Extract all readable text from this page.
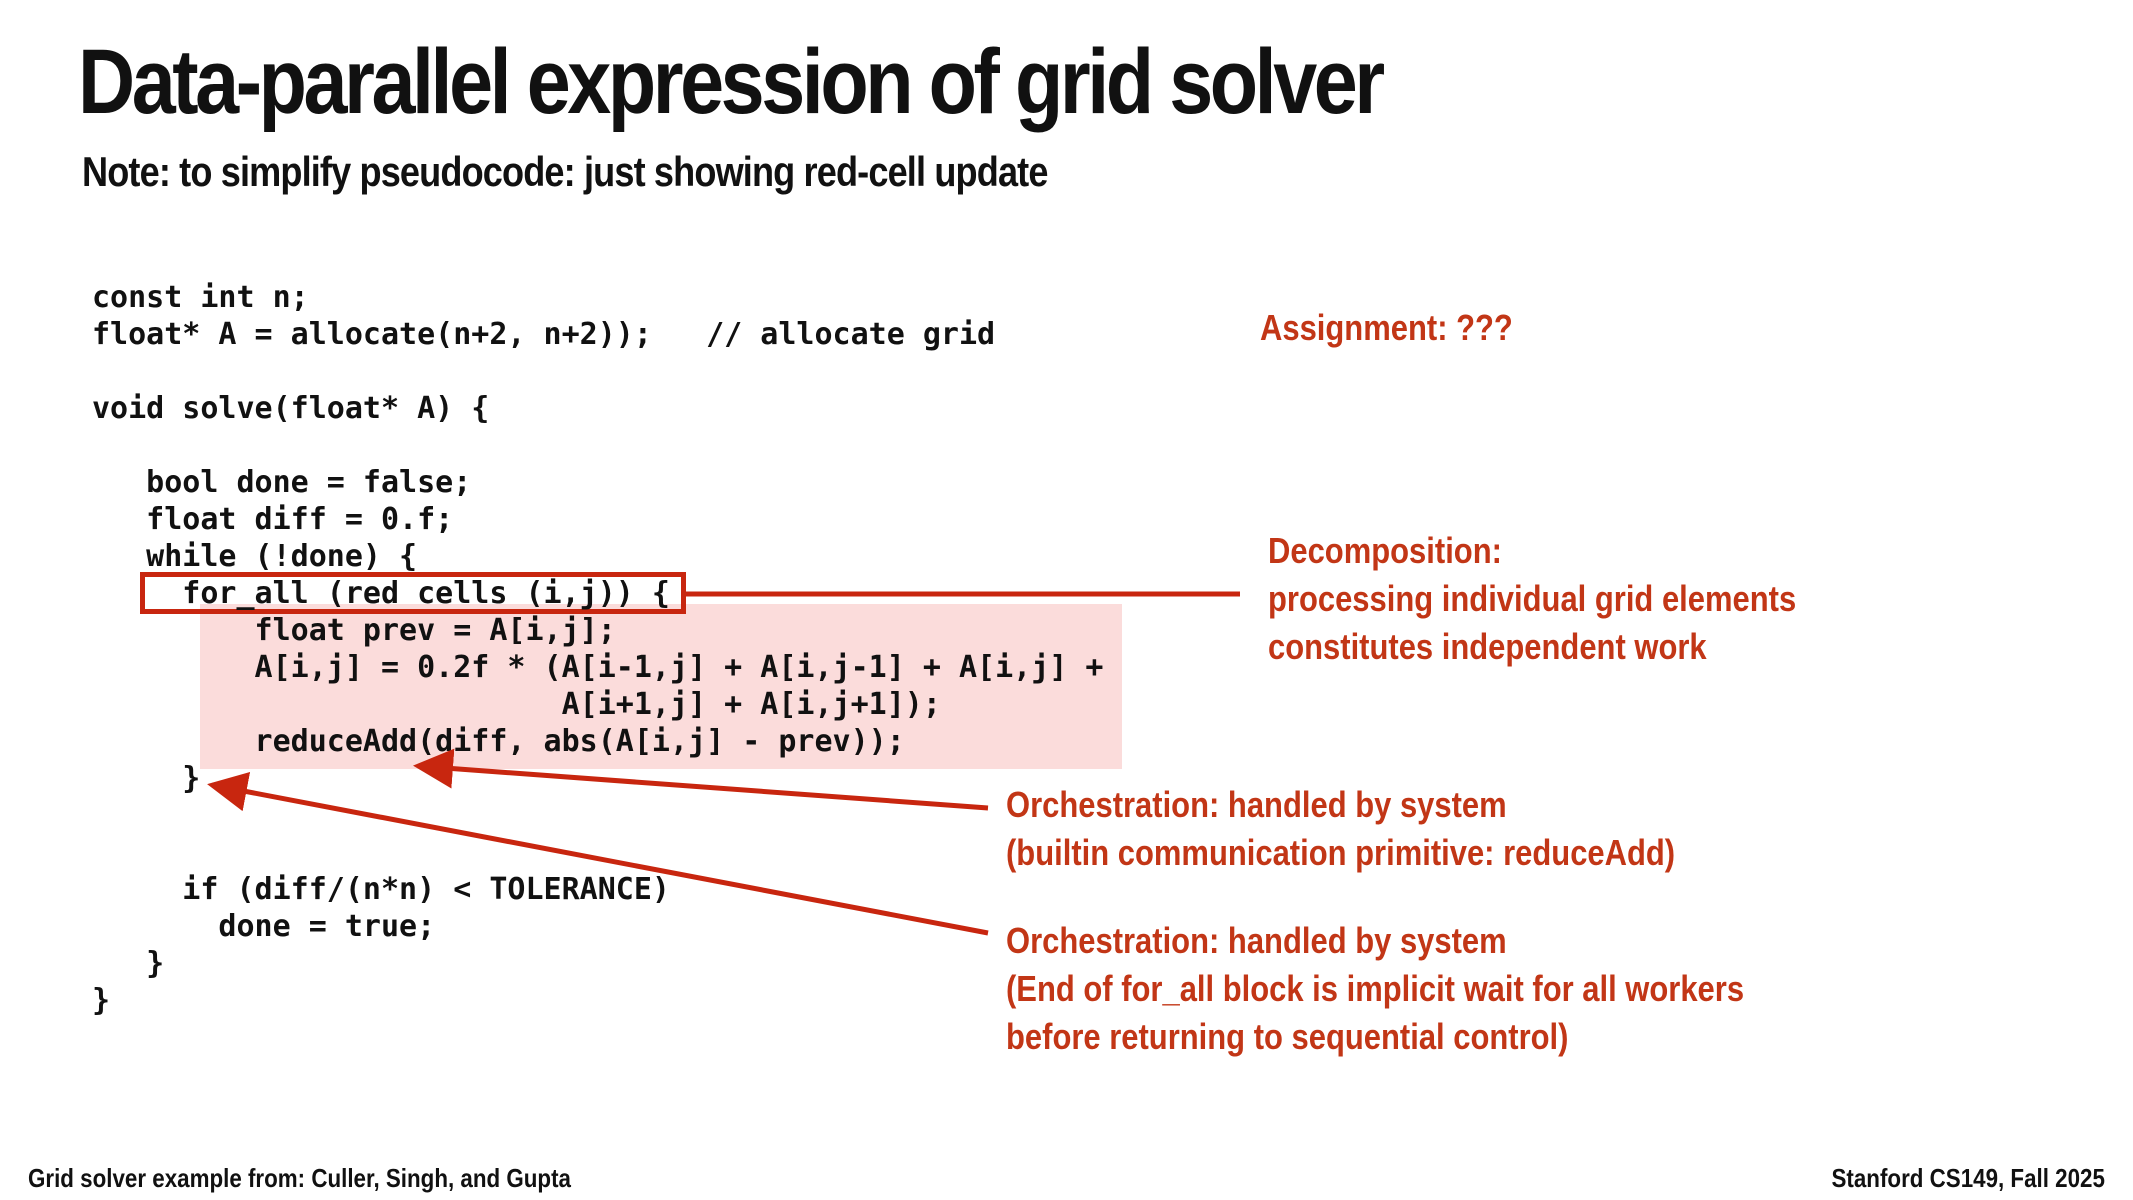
Data-parallel expression of grid solver
Note: to simplify pseudocode: just showing red-cell update
const int n;
float* A = allocate(n+2, n+2));   // allocate grid
void solve(float* A) {
bool done = false;
float diff = 0.f;
while (!done) {
for_all (red cells (i,j)) {
float prev = A[i,j];
A[i,j] = 0.2f * (A[i-1,j] + A[i,j-1] + A[i,j] +
A[i+1,j] + A[i,j+1]);
reduceAdd(diff, abs(A[i,j] - prev));
}
if (diff/(n*n) < TOLERANCE)
done = true;
}
}
Assignment: ???
Decomposition:
processing individual grid elements
constitutes independent work
Orchestration: handled by system
(builtin communication primitive: reduceAdd)
Orchestration: handled by system
(End of for_all block is implicit wait for all workers
before returning to sequential control)
Grid solver example from: Culler, Singh, and Gupta	Stanford CS149, Fall 2025
